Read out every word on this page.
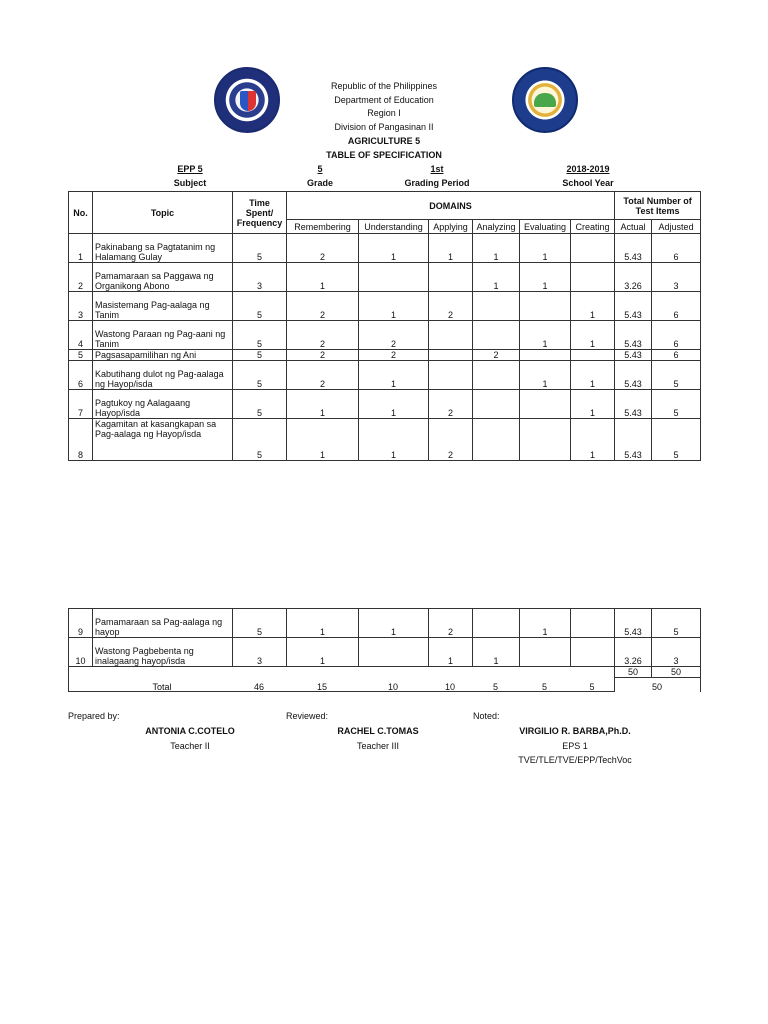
Republic of the Philippines
Department of Education
Region I
Division of Pangasinan II
AGRICULTURE 5
TABLE OF SPECIFICATION
EPP 5
Subject
5
Grade
1st
Grading Period
2018-2019
School Year
No.	Topic	Time Spent/ Frequency	DOMAINS						Total Number of Test Items	
			Remembering	Understanding	Applying	Analyzing	Evaluating	Creating	Actual	Adjusted
1	Pakinabang sa Pagtatanim ng Halamang Gulay	5	2	1	1	1	1		5.43	6
2	Pamamaraan sa Paggawa ng Organikong Abono	3	1			1	1		3.26	3
3	Masistemang Pag-aalaga ng Tanim	5	2	1	2			1	5.43	6
4	Wastong Paraan ng Pag-aani ng Tanim	5	2	2			1	1	5.43	6
5	Pagsasapamilihan ng Ani	5	2	2		2			5.43	6
6	Kabutihang dulot ng Pag-aalaga ng Hayop/isda	5	2	1			1	1	5.43	5
7	Pagtukoy ng Aalagaang Hayop/isda	5	1	1	2			1	5.43	5
8	Kagamitan at kasangkapan sa Pag-aalaga ng Hayop/isda	5	1	1	2			1	5.43	5
9	Pamamaraan sa Pag-aalaga ng hayop	5	1	1	2		1		5.43	5
10	Wastong Pagbebenta ng inalagaang hayop/isda	3	1		1	1			3.26	3
									50	50

Total	46	15	10	10	5	5	5	50
Prepared by:
ANTONIA C.COTELO
Teacher II
Reviewed:
RACHEL C.TOMAS
Teacher III
Noted:
VIRGILIO R. BARBA,Ph.D.
EPS 1
TVE/TLE/TVE/EPP/TechVoc
